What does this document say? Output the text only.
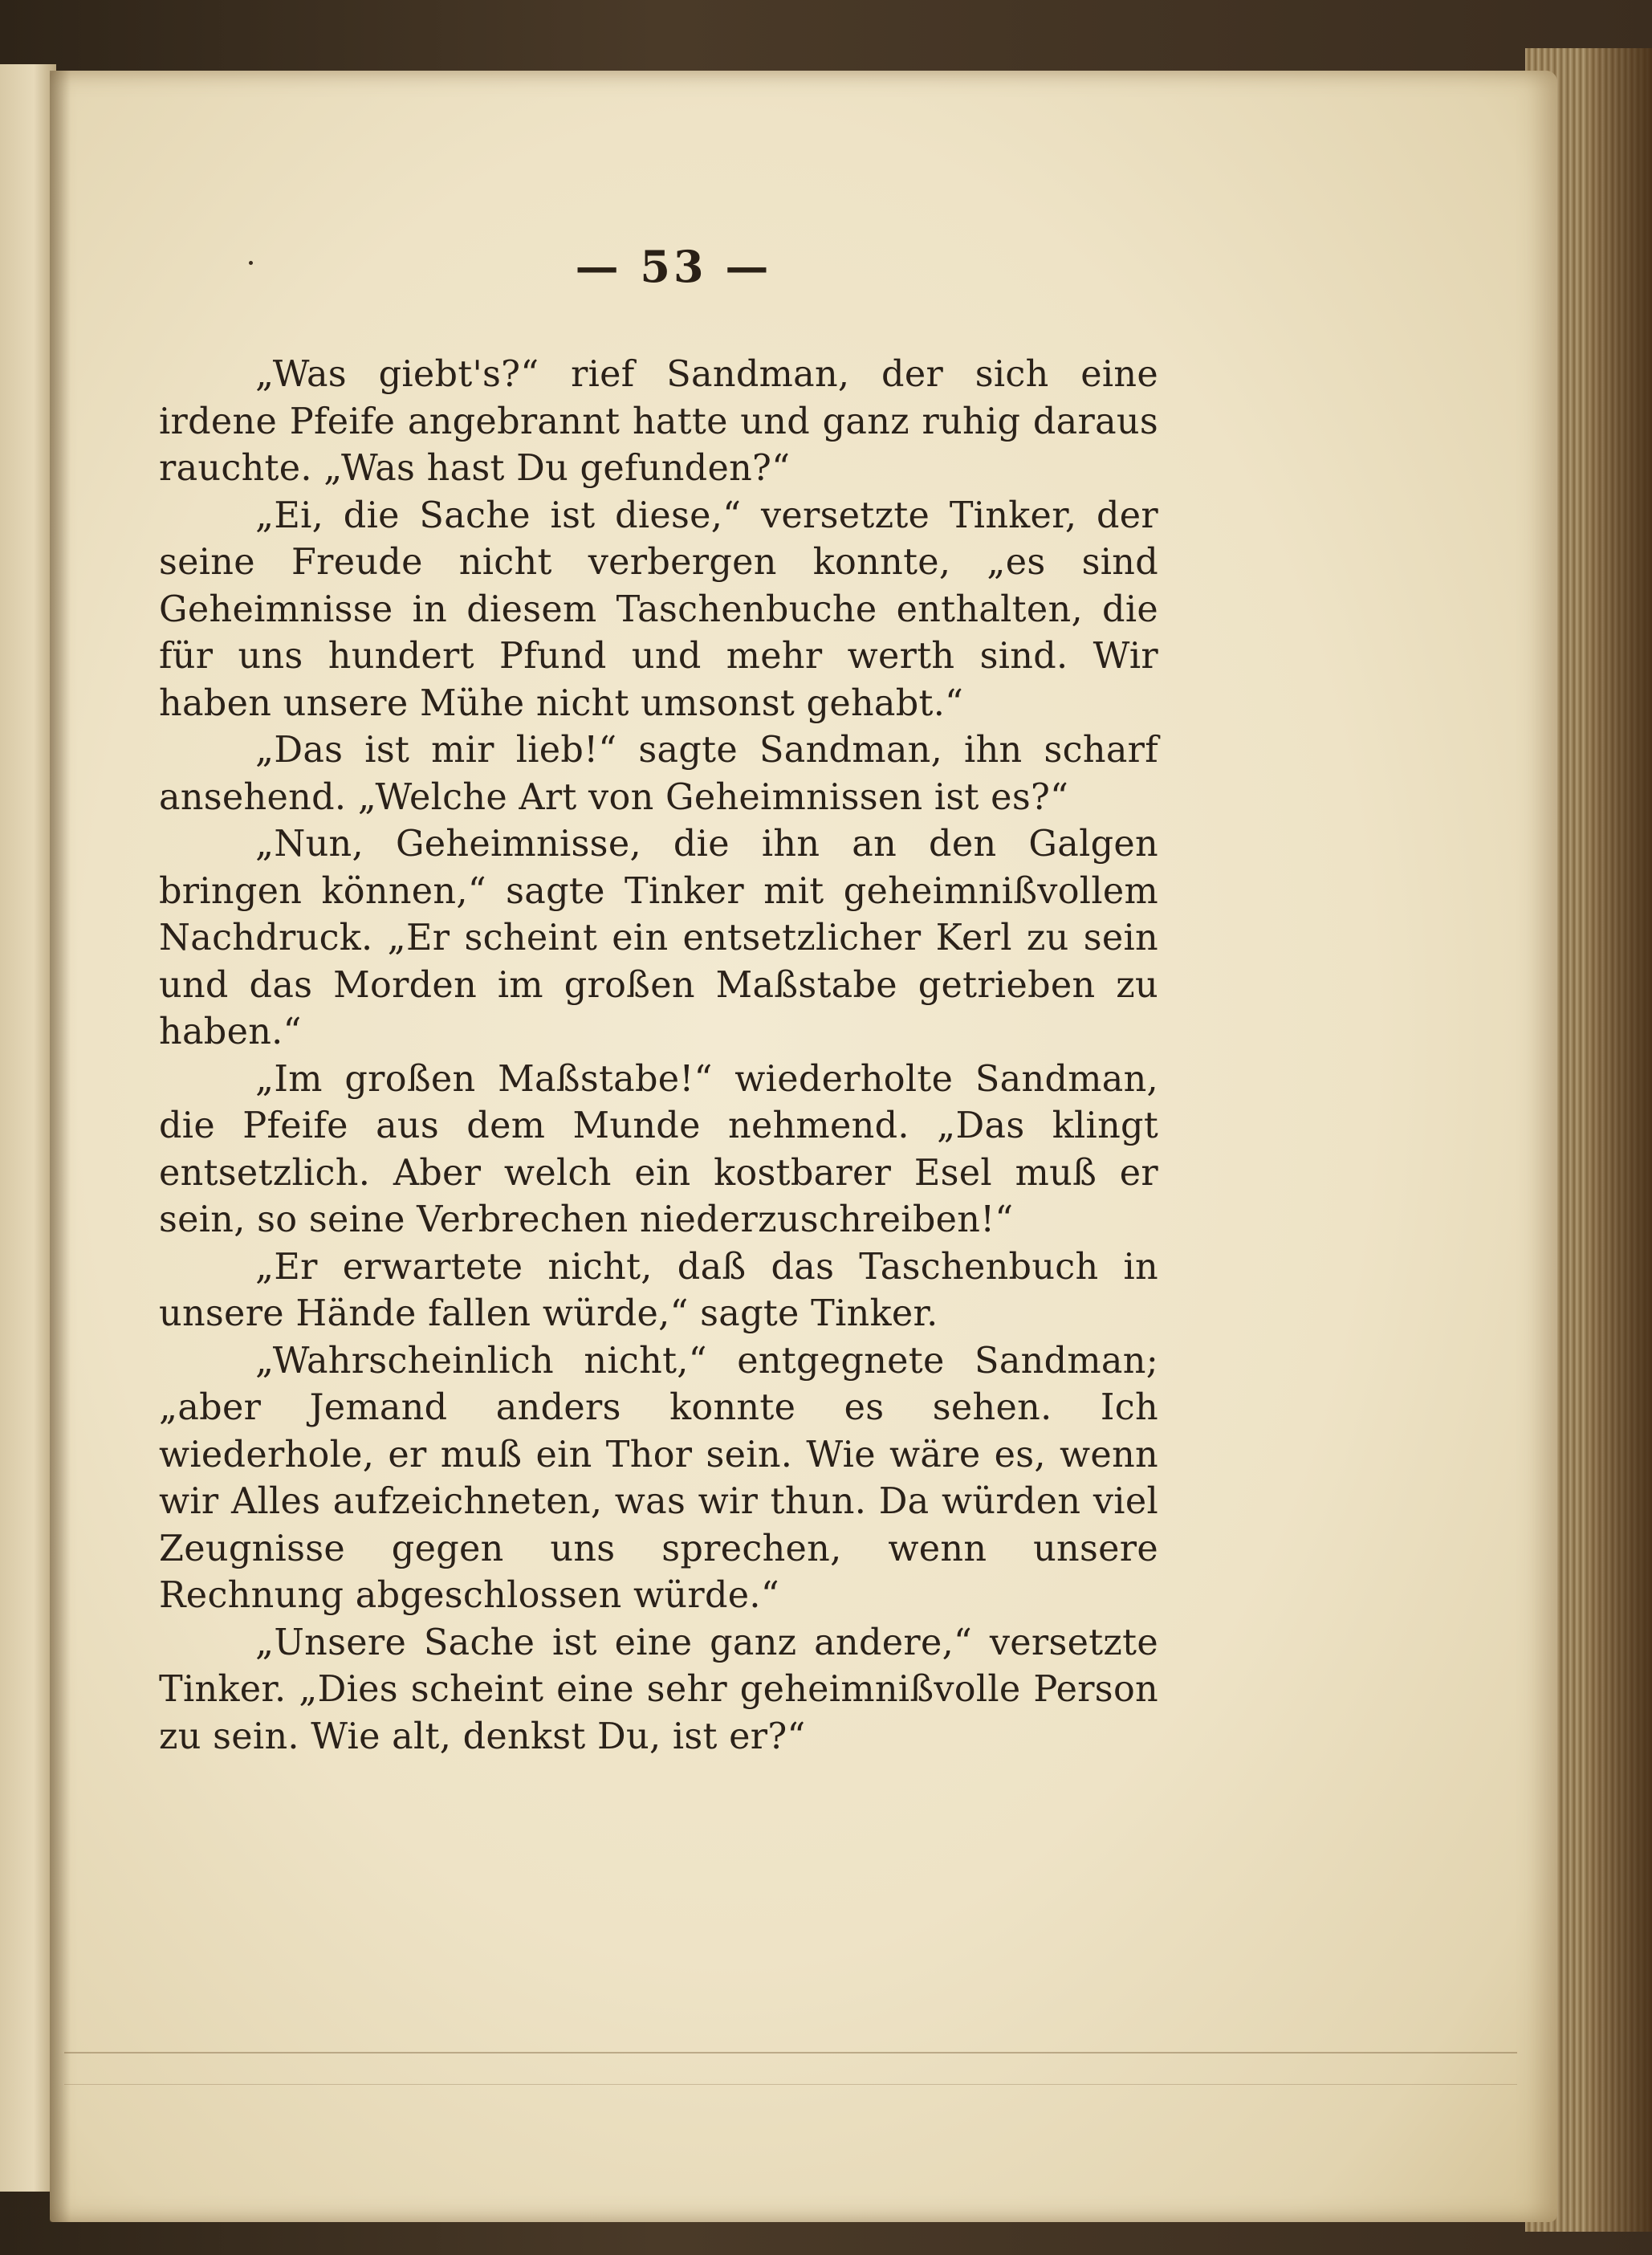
— 53 —

„Was giebt's?“ rief Sandman, der sich eine irdene Pfeife angebrannt hatte und ganz ruhig daraus rauchte. „Was hast Du gefunden?“

„Ei, die Sache ist diese,“ versetzte Tinker, der seine Freude nicht verbergen konnte, „es sind Geheimnisse in diesem Taschenbuche enthalten, die für uns hundert Pfund und mehr werth sind. Wir haben unsere Mühe nicht umsonst gehabt.“

„Das ist mir lieb!“ sagte Sandman, ihn scharf ansehend. „Welche Art von Geheimnissen ist es?“

„Nun, Geheimnisse, die ihn an den Galgen bringen können,“ sagte Tinker mit geheimnißvollem Nachdruck. „Er scheint ein entsetzlicher Kerl zu sein und das Morden im großen Maßstabe getrieben zu haben.“

„Im großen Maßstabe!“ wiederholte Sandman, die Pfeife aus dem Munde nehmend. „Das klingt entsetzlich. Aber welch ein kostbarer Esel muß er sein, so seine Verbrechen niederzuschreiben!“

„Er erwartete nicht, daß das Taschenbuch in unsere Hände fallen würde,“ sagte Tinker.

„Wahrscheinlich nicht,“ entgegnete Sandman; „aber Jemand anders konnte es sehen. Ich wiederhole, er muß ein Thor sein. Wie wäre es, wenn wir Alles aufzeichneten, was wir thun. Da würden viel Zeugnisse gegen uns sprechen, wenn unsere Rechnung abgeschlossen würde.“

„Unsere Sache ist eine ganz andere,“ versetzte Tinker. „Dies scheint eine sehr geheimnißvolle Person zu sein. Wie alt, denkst Du, ist er?“
